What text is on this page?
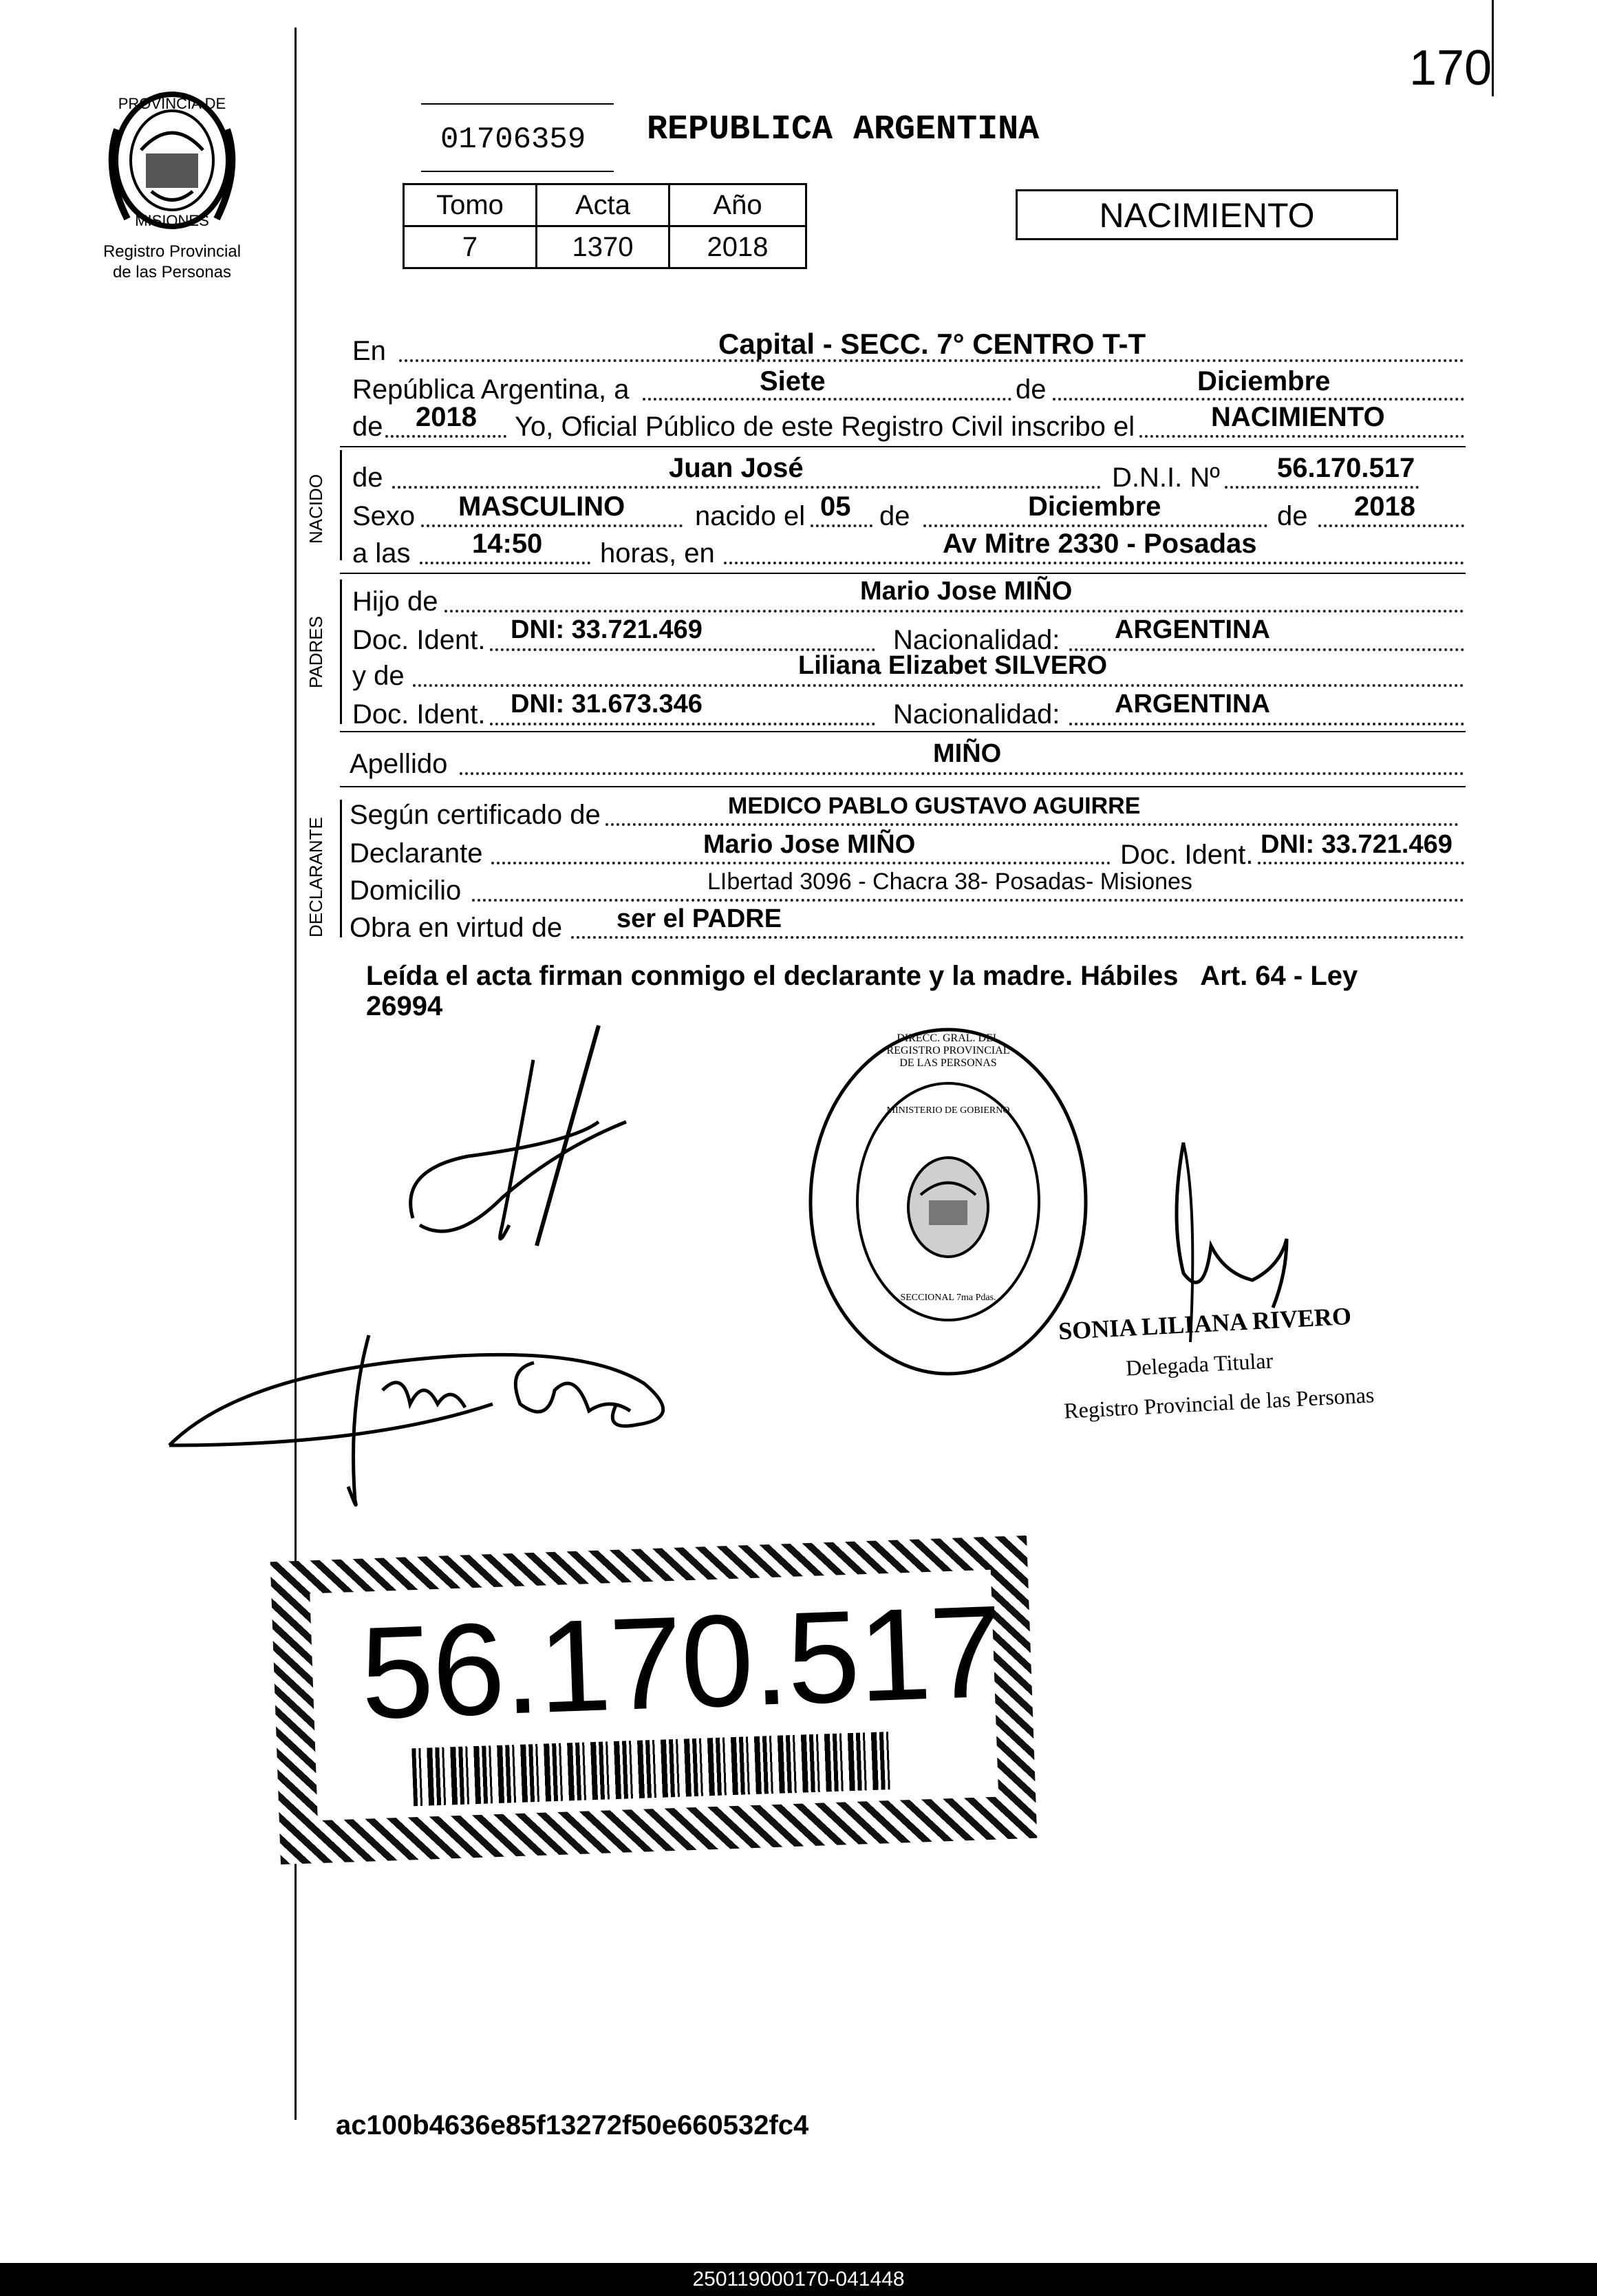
170
PROVINCIA DE
MISIONES
Registro Provincial
de las Personas
01706359 REPUBLICA ARGENTINA
Tomo	Acta	Año
7	1370	2018
NACIMIENTO
En	Capital - SECC. 7° CENTRO T-T
República Argentina, a	Siete	de	Diciembre
de 2018 Yo, Oficial Público de este Registro Civil inscribo el	NACIMIENTO
NACIDO de	Juan José	D.N.I. Nº 56.170.517
Sexo MASCULINO	nacido el 05 de	Diciembre	de 2018
a las 14:50 horas, en	Av Mitre 2330 - Posadas
PADRES
Hijo de	Mario Jose MIÑO
Doc. Ident. DNI: 33.721.469	Nacionalidad: ARGENTINA
y de	Liliana Elizabet SILVERO
Doc. Ident. DNI: 31.673.346	Nacionalidad: ARGENTINA
Apellido	MIÑO
DECLARANTE
Según certificado de	MEDICO PABLO GUSTAVO AGUIRRE
Declarante	Mario Jose MIÑO	Doc. Ident. DNI: 33.721.469
Domicilio	LIbertad 3096 - Chacra 38- Posadas- Misiones
Obra en virtud de ser el PADRE
Leída el acta firman conmigo el declarante y la madre. Hábiles   Art. 64 - Ley
26994
DIRECC. GRAL. DEL REGISTRO PROVINCIAL DE LAS PERSONAS
MINISTERIO DE GOBIERNO
SECCIONAL 7ma Pdas.
SONIA LILIANA RIVERO
Delegada Titular
Registro Provincial de las Personas
56.170.517
ac100b4636e85f13272f50e660532fc4
250119000170-041448
